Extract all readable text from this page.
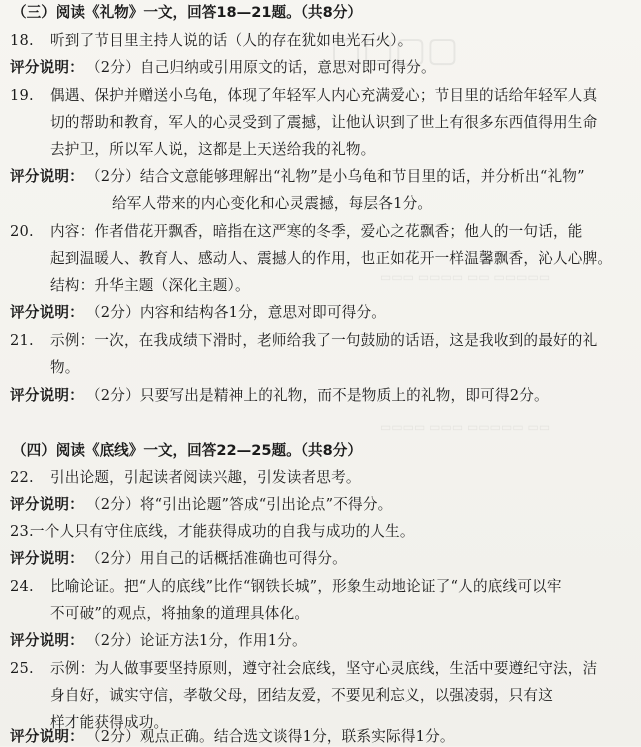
▢▢▢▢
▭▭▭ ▭▭▭▭ ▭▭ ▭▭▭▭▭
▭▭▭▭ ▭▭▭ ▭▭▭▭▭ ▭▭
（三）阅读《礼物》一文，回答18—21题。（共8分）
18. 听到了节目里主持人说的话（人的存在犹如电光石火）。
评分说明： （2分）自己归纳或引用原文的话，意思对即可得分。
19. 偶遇、保护并赠送小乌龟，体现了年轻军人内心充满爱心；节目里的话给年轻军人真
切的帮助和教育，军人的心灵受到了震撼，让他认识到了世上有很多东西值得用生命
去护卫，所以军人说，这都是上天送给我的礼物。
评分说明： （2分）结合文意能够理解出“礼物”是小乌龟和节目里的话，并分析出“礼物”
给军人带来的内心变化和心灵震撼，每层各1分。
20. 内容：作者借花开飘香，暗指在这严寒的冬季，爱心之花飘香；他人的一句话，能
起到温暖人、教育人、感动人、震撼人的作用，也正如花开一样温馨飘香，沁人心脾。
结构：升华主题（深化主题）。
评分说明： （2分）内容和结构各1分，意思对即可得分。
21. 示例：一次，在我成绩下滑时，老师给我了一句鼓励的话语，这是我收到的最好的礼
物。
评分说明： （2分）只要写出是精神上的礼物，而不是物质上的礼物，即可得2分。
（四）阅读《底线》一文，回答22—25题。（共8分）
22. 引出论题，引起读者阅读兴趣，引发读者思考。
评分说明： （2分）将“引出论题”答成“引出论点”不得分。
23.
一个人只有守住底线，才能获得成功的自我与成功的人生。
评分说明： （2分）用自己的话概括准确也可得分。
24. 比喻论证。把“人的底线”比作“钢铁长城”，形象生动地论证了“人的底线可以牢
不可破”的观点，将抽象的道理具体化。
评分说明： （2分）论证方法1分，作用1分。
25. 示例：为人做事要坚持原则，遵守社会底线，坚守心灵底线，生活中要遵纪守法，洁
身自好，诚实守信，孝敬父母，团结友爱，不要见利忘义，以强凌弱，只有这
样才能获得成功。
评分说明： （2分）观点正确。结合选文谈得1分，联系实际得1分。
